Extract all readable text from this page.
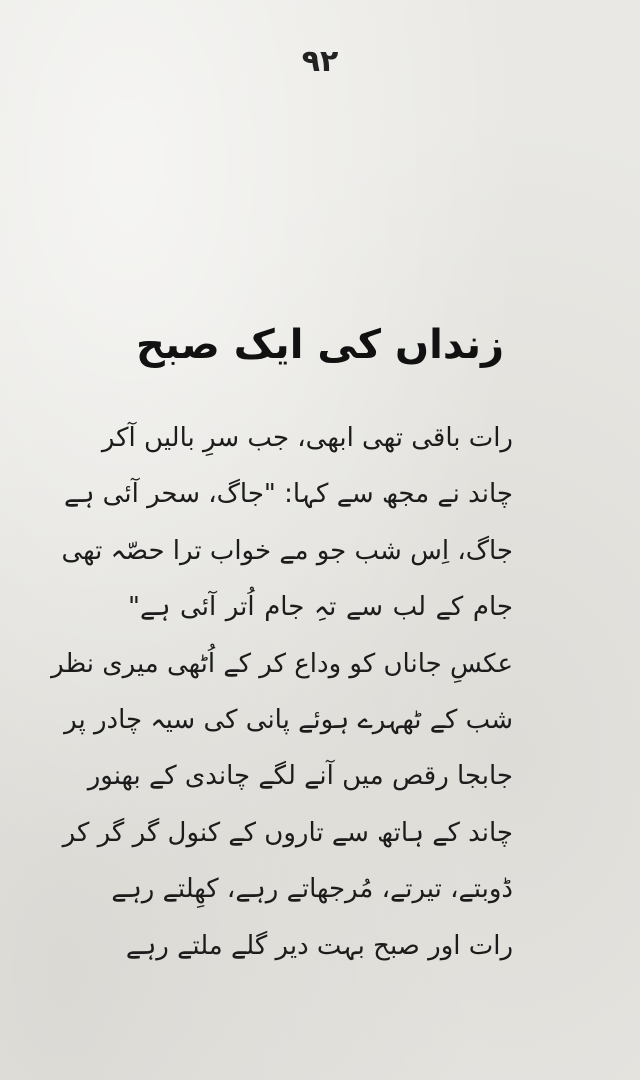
۹۲
زنداں کی ایک صبح
رات باقی تھی ابھی، جب سرِ بالیں آکر
چاند نے مجھ سے کہا: "جاگ، سحر آئی ہے
جاگ، اِس شب جو مے خواب ترا حصّہ تھی
جام کے لب سے تہِ جام اُتر آئی ہے"
عکسِ جاناں کو وداع کر کے اُٹھی میری نظر
شب کے ٹھہرے ہوئے پانی کی سیہ چادر پر
جابجا رقص میں آنے لگے چاندی کے بھنور
چاند کے ہاتھ سے تاروں کے کنول گر گر کر
ڈوبتے، تیرتے، مُرجھاتے رہے، کھِلتے رہے
رات اور صبح بہت دیر گلے ملتے رہے
